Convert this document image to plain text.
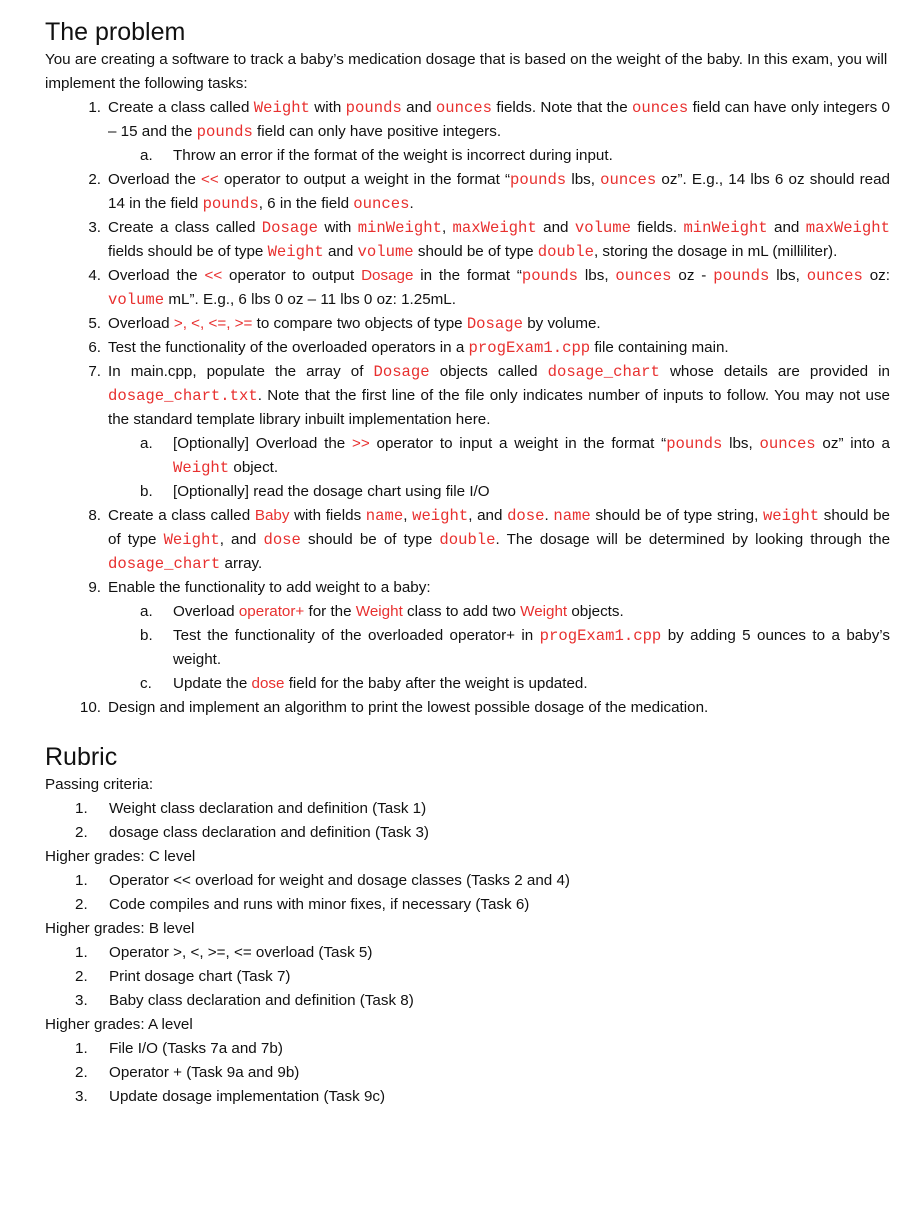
The problem

You are creating a software to track a baby’s medication dosage that is based on the weight of the baby. In this exam, you will implement the following tasks:

1. Create a class called Weight with pounds and ounces fields. Note that the ounces field can have only integers 0 – 15 and the pounds field can only have positive integers.
a. Throw an error if the format of the weight is incorrect during input.
2. Overload the << operator to output a weight in the format “pounds lbs, ounces oz”. E.g., 14 lbs 6 oz should read 14 in the field pounds, 6 in the field ounces.
3. Create a class called Dosage with minWeight, maxWeight and volume fields. minWeight and maxWeight fields should be of type Weight and volume should be of type double, storing the dosage in mL (milliliter).
4. Overload the << operator to output Dosage in the format “pounds lbs, ounces oz - pounds lbs, ounces oz: volume mL”. E.g., 6 lbs 0 oz – 11 lbs 0 oz: 1.25mL.
5. Overload >, <, <=, >= to compare two objects of type Dosage by volume.
6. Test the functionality of the overloaded operators in a progExam1.cpp file containing main.
7. In main.cpp, populate the array of Dosage objects called dosage_chart whose details are provided in dosage_chart.txt. Note that the first line of the file only indicates number of inputs to follow. You may not use the standard template library inbuilt implementation here.
a. [Optionally] Overload the >> operator to input a weight in the format “pounds lbs, ounces oz” into a Weight object.
b. [Optionally] read the dosage chart using file I/O
8. Create a class called Baby with fields name, weight, and dose. name should be of type string, weight should be of type Weight, and dose should be of type double. The dosage will be determined by looking through the dosage_chart array.
9. Enable the functionality to add weight to a baby:
a. Overload operator+ for the Weight class to add two Weight objects.
b. Test the functionality of the overloaded operator+ in progExam1.cpp by adding 5 ounces to a baby’s weight.
c. Update the dose field for the baby after the weight is updated.
10. Design and implement an algorithm to print the lowest possible dosage of the medication.
Rubric

Passing criteria:

1. Weight class declaration and definition (Task 1)
2. dosage class declaration and definition (Task 3)

Higher grades: C level

1. Operator << overload for weight and dosage classes (Tasks 2 and 4)
2. Code compiles and runs with minor fixes, if necessary (Task 6)

Higher grades: B level

1. Operator >, <, >=, <= overload (Task 5)
2. Print dosage chart (Task 7)
3. Baby class declaration and definition (Task 8)

Higher grades: A level

1. File I/O (Tasks 7a and 7b)
2. Operator + (Task 9a and 9b)
3. Update dosage implementation (Task 9c)
